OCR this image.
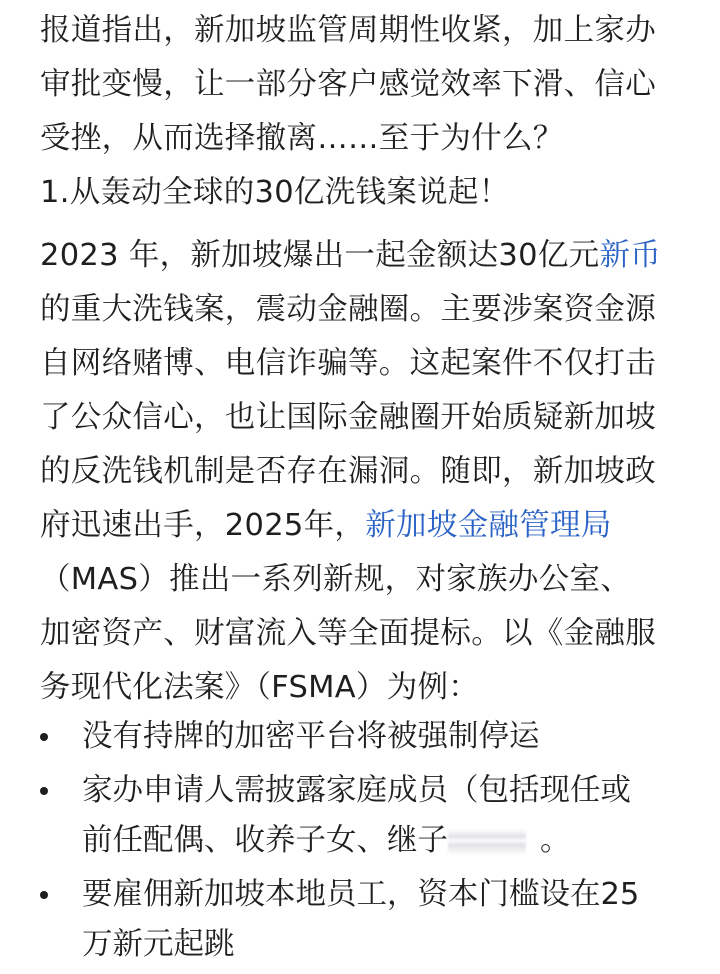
报道指出，新加坡监管周期性收紧，加上家办
审批变慢，让一部分客户感觉效率下滑、信心
受挫，从而选择撤离……至于为什么？

1.从轰动全球的30亿洗钱案说起！

2023 年，新加坡爆出一起金额达30亿元新币
的重大洗钱案，震动金融圈。主要涉案资金源
自网络赌博、电信诈骗等。这起案件不仅打击
了公众信心，也让国际金融圈开始质疑新加坡
的反洗钱机制是否存在漏洞。随即，新加坡政
府迅速出手，2025年，新加坡金融管理局
（MAS）推出一系列新规，对家族办公室、
加密资产、财富流入等全面提标。以《金融服
务现代化法案》（FSMA）为例：

没有持牌的加密平台将被强制停运
家办申请人需披露家庭成员（包括现任或
前任配偶、收养子女、继子	。
要雇佣新加坡本地员工，资本门槛设在25
万新元起跳
